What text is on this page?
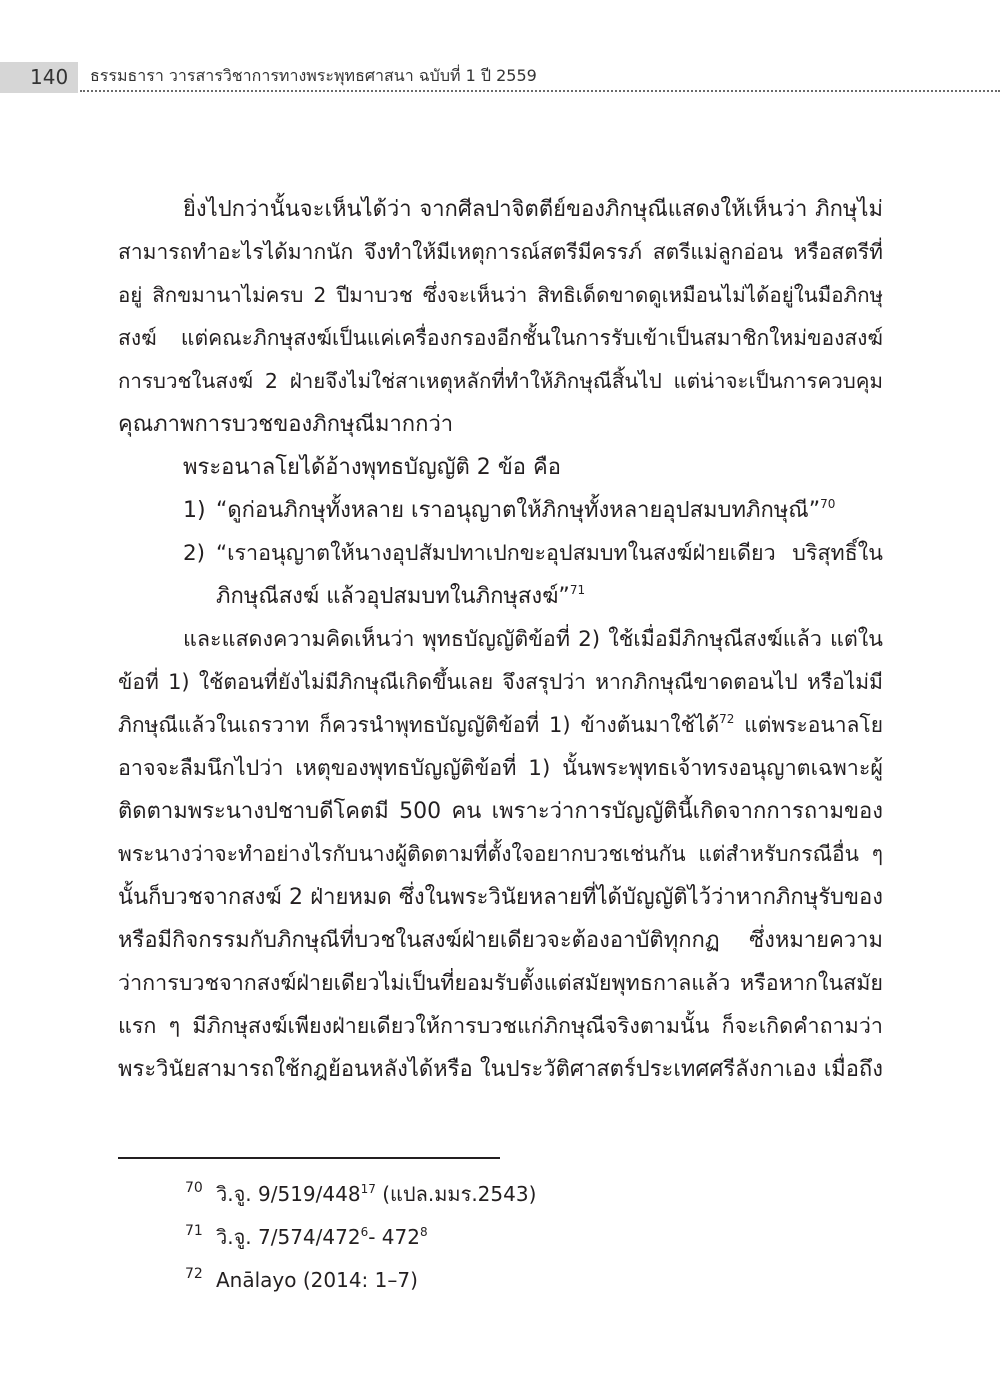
140 ธรรมธารา วารสารวิชาการทางพระพุทธศาสนา ฉบับที่ 1 ปี 2559
ยิ่งไปกว่านั้นจะเห็นได้ว่า จากศีลปาจิตตีย์ของภิกษุณีแสดงให้เห็นว่า ภิกษุไม่
สามารถทำอะไรได้มากนัก จึงทำให้มีเหตุการณ์สตรีมีครรภ์ สตรีแม่ลูกอ่อน หรือสตรีที่
อยู่ สิกขมานาไม่ครบ 2 ปีมาบวช ซึ่งจะเห็นว่า สิทธิเด็ดขาดดูเหมือนไม่ได้อยู่ในมือภิกษุ
สงฆ์ แต่คณะภิกษุสงฆ์เป็นแค่เครื่องกรองอีกชั้นในการรับเข้าเป็นสมาชิกใหม่ของสงฆ์
การบวชในสงฆ์ 2 ฝ่ายจึงไม่ใช่สาเหตุหลักที่ทำให้ภิกษุณีสิ้นไป แต่น่าจะเป็นการควบคุม
คุณภาพการบวชของภิกษุณีมากกว่า
พระอนาลโยได้อ้างพุทธบัญญัติ 2 ข้อ คือ
1) “ดูก่อนภิกษุทั้งหลาย เราอนุญาตให้ภิกษุทั้งหลายอุปสมบทภิกษุณี”$^{70}$
2) “เราอนุญาตให้นางอุปสัมปทาเปกขะอุปสมบทในสงฆ์ฝ่ายเดียว บริสุทธิ์ใน
ภิกษุณีสงฆ์ แล้วอุปสมบทในภิกษุสงฆ์”$^{71}$
และแสดงความคิดเห็นว่า พุทธบัญญัติข้อที่ 2) ใช้เมื่อมีภิกษุณีสงฆ์แล้ว แต่ใน
ข้อที่ 1) ใช้ตอนที่ยังไม่มีภิกษุณีเกิดขึ้นเลย จึงสรุปว่า หากภิกษุณีขาดตอนไป หรือไม่มี
ภิกษุณีแล้วในเถรวาท ก็ควรนำพุทธบัญญัติข้อที่ 1) ข้างต้นมาใช้ได้$^{72}$ แต่พระอนาลโย
อาจจะลืมนึกไปว่า เหตุของพุทธบัญญัติข้อที่ 1) นั้นพระพุทธเจ้าทรงอนุญาตเฉพาะผู้
ติดตามพระนางปชาบดีโคตมี 500 คน เพราะว่าการบัญญัตินี้เกิดจากการถามของ
พระนางว่าจะทำอย่างไรกับนางผู้ติดตามที่ตั้งใจอยากบวชเช่นกัน แต่สำหรับกรณีอื่น ๆ
นั้นก็บวชจากสงฆ์ 2 ฝ่ายหมด ซึ่งในพระวินัยหลายที่ได้บัญญัติไว้ว่าหากภิกษุรับของ
หรือมีกิจกรรมกับภิกษุณีที่บวชในสงฆ์ฝ่ายเดียวจะต้องอาบัติทุกกฏ ซึ่งหมายความ
ว่าการบวชจากสงฆ์ฝ่ายเดียวไม่เป็นที่ยอมรับตั้งแต่สมัยพุทธกาลแล้ว หรือหากในสมัย
แรก ๆ มีภิกษุสงฆ์เพียงฝ่ายเดียวให้การบวชแก่ภิกษุณีจริงตามนั้น ก็จะเกิดคำถามว่า
พระวินัยสามารถใช้กฎย้อนหลังได้หรือ ในประวัติศาสตร์ประเทศศรีลังกาเอง เมื่อถึง
70 วิ.จู. $9/519/448^{17}$ (แปล.มมร.2543)
71 วิ.จู. $7/574/472^6-$ $472^8$
72 Anālayo (2014: 1–7)
